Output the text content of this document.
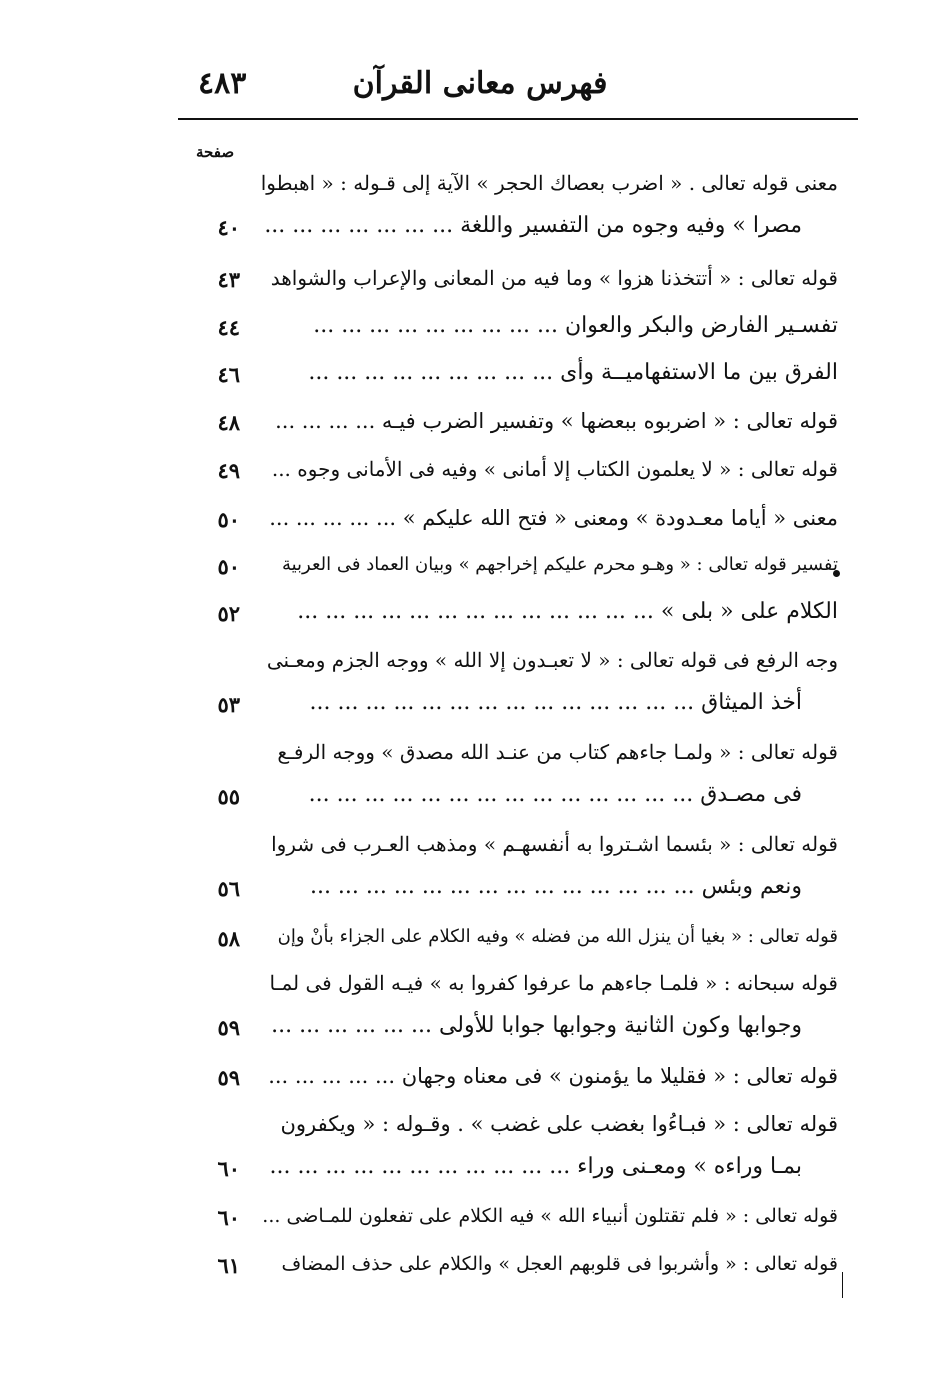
فهرس معانى القرآن
٤٨٣
صفحة
معنى قوله تعالى . « اضرب بعصاك الحجر » الآية إلى قـوله : « اهبطوا
مصرا » وفيه وجوه من التفسير واللغة ... ... ... ... ... ... ...
قوله تعالى : « أتتخذنا هزوا » وما فيه من المعانى والإعراب والشواهد
تفسـير الفارض والبكر والعوان ... ... ... ... ... ... ... ... ...
الفرق بين ما الاستفهاميــة وأى ... ... ... ... ... ... ... ... ...
قوله تعالى : « اضربوه ببعضها » وتفسير الضرب فيـه ... ... ... ...
قوله تعالى : « لا يعلمون الكتاب إلا أمانى » وفيه فى الأمانى وجوه ...
معنى « أياما معـدودة » ومعنى « فتح الله عليكم » ... ... ... ... ...
تفسير قوله تعالى : « وهـو محرم عليكم إخراجهم » وبيان العماد فى العربية
الكلام على « بلى » ... ... ... ... ... ... ... ... ... ... ... ... ...
وجه الرفع فى قوله تعالى : « لا تعبـدون إلا الله » ووجه الجزم ومعـنى
أخذ الميثاق ... ... ... ... ... ... ... ... ... ... ... ... ... ...
قوله تعالى : « ولمـا جاءهم كتاب من عنـد الله مصدق » ووجه الرفـع
فى مصـدق ... ... ... ... ... ... ... ... ... ... ... ... ... ...
قوله تعالى : « بئسما اشـتروا به أنفسهـم » ومذهب العـرب فى شروا
ونعم وبئس ... ... ... ... ... ... ... ... ... ... ... ... ... ...
قوله تعالى : « بغيا أن ينزل الله من فضله » وفيه الكلام على الجزاء بأنْ وإن
قوله سبحانه : « فلمـا جاءهم ما عرفوا كفروا به » فيـه القول فى لمـا
وجوابها وكون الثانية وجوابها جوابا للأولى ... ... ... ... ... ...
قوله تعالى : « فقليلا ما يؤمنون » فى معناه وجهان ... ... ... ... ...
قوله تعالى : « فبـاءُوا بغضب على غضب » . وقـوله : « ويكفرون
بمـا وراءه » ومعـنى وراء ... ... ... ... ... ... ... ... ... ... ...
قوله تعالى : « فلم تقتلون أنبياء الله » فيه الكلام على تفعلون للمـاضى ...
قوله تعالى : « وأشربوا فى قلوبهم العجل » والكلام على حذف المضاف
٤٠
٤٣
٤٤
٤٦
٤٨
٤٩
٥٠
٥٠
٥٢
٥٣
٥٥
٥٦
٥٨
٥٩
٥٩
٦٠
٦٠
٦١
